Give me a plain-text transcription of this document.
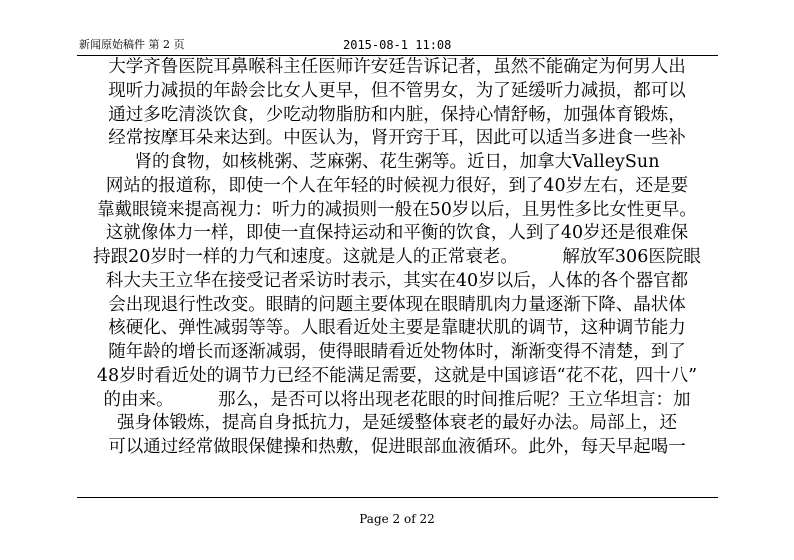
新闻原始稿件 第 2 页	2015-08-1 11:08
大学齐鲁医院耳鼻喉科主任医师许安廷告诉记者，虽然不能确定为何男人出
现听力减损的年龄会比女人更早，但不管男女，为了延缓听力减损，都可以
通过多吃清淡饮食，少吃动物脂肪和内脏，保持心情舒畅，加强体育锻炼，
经常按摩耳朵来达到。中医认为，肾开窍于耳，因此可以适当多进食一些补
肾的食物，如核桃粥、芝麻粥、花生粥等。近日，加拿大ValleySun
网站的报道称，即使一个人在年轻的时候视力很好，到了40岁左右，还是要
靠戴眼镜来提高视力：听力的减损则一般在50岁以后，且男性多比女性更早。
这就像体力一样，即使一直保持运动和平衡的饮食，人到了40岁还是很难保
持跟20岁时一样的力气和速度。这就是人的正常衰老。        解放军306医院眼
科大夫王立华在接受记者采访时表示，其实在40岁以后，人体的各个器官都
会出现退行性改变。眼睛的问题主要体现在眼睛肌肉力量逐渐下降、晶状体
核硬化、弹性减弱等等。人眼看近处主要是靠睫状肌的调节，这种调节能力
随年龄的增长而逐渐减弱，使得眼睛看近处物体时，渐渐变得不清楚，到了
48岁时看近处的调节力已经不能满足需要，这就是中国谚语“花不花，四十八”
的由来。        那么，是否可以将出现老花眼的时间推后呢？王立华坦言：加
强身体锻炼，提高自身抵抗力，是延缓整体衰老的最好办法。局部上，还
可以通过经常做眼保健操和热敷，促进眼部血液循环。此外，每天早起喝一
Page 2 of 22
